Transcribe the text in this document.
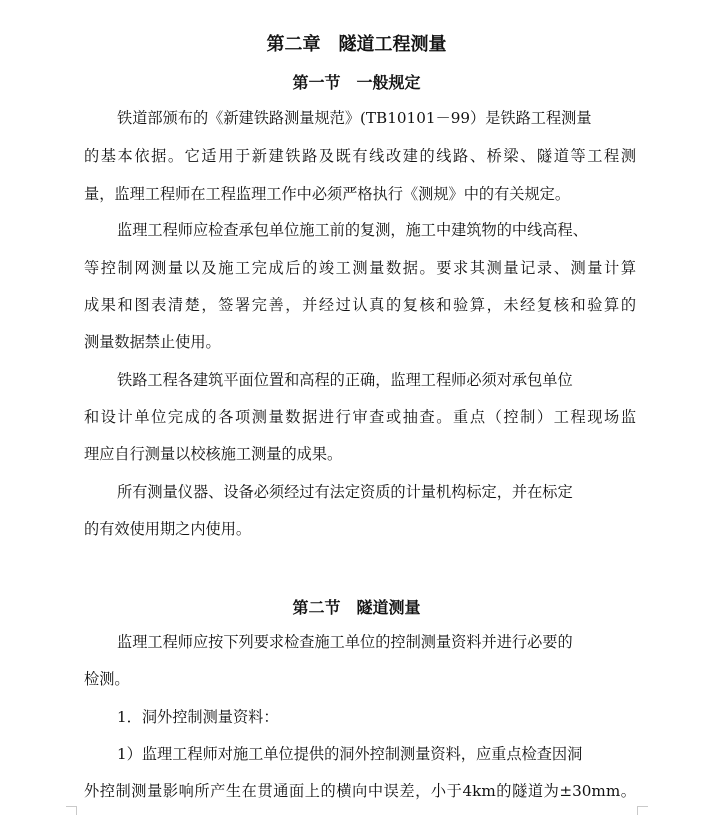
第二章　隧道工程测量
第一节　一般规定
铁道部颁布的《新建铁路测量规范》(TB10101－99）是铁路工程测量
的基本依据。它适用于新建铁路及既有线改建的线路、桥梁、隧道等工程测
量，监理工程师在工程监理工作中必须严格执行《测规》中的有关规定。
监理工程师应检查承包单位施工前的复测，施工中建筑物的中线高程、
等控制网测量以及施工完成后的竣工测量数据。要求其测量记录、测量计算
成果和图表清楚，签署完善，并经过认真的复核和验算，未经复核和验算的
测量数据禁止使用。
铁路工程各建筑平面位置和高程的正确，监理工程师必须对承包单位
和设计单位完成的各项测量数据进行审查或抽查。重点（控制）工程现场监
理应自行测量以校核施工测量的成果。
所有测量仪器、设备必须经过有法定资质的计量机构标定，并在标定
的有效使用期之内使用。
第二节　隧道测量
监理工程师应按下列要求检查施工单位的控制测量资料并进行必要的
检测。
1．洞外控制测量资料：
1）监理工程师对施工单位提供的洞外控制测量资料，应重点检查因洞
外控制测量影响所产生在贯通面上的横向中误差，小于4km的隧道为±30mm。
